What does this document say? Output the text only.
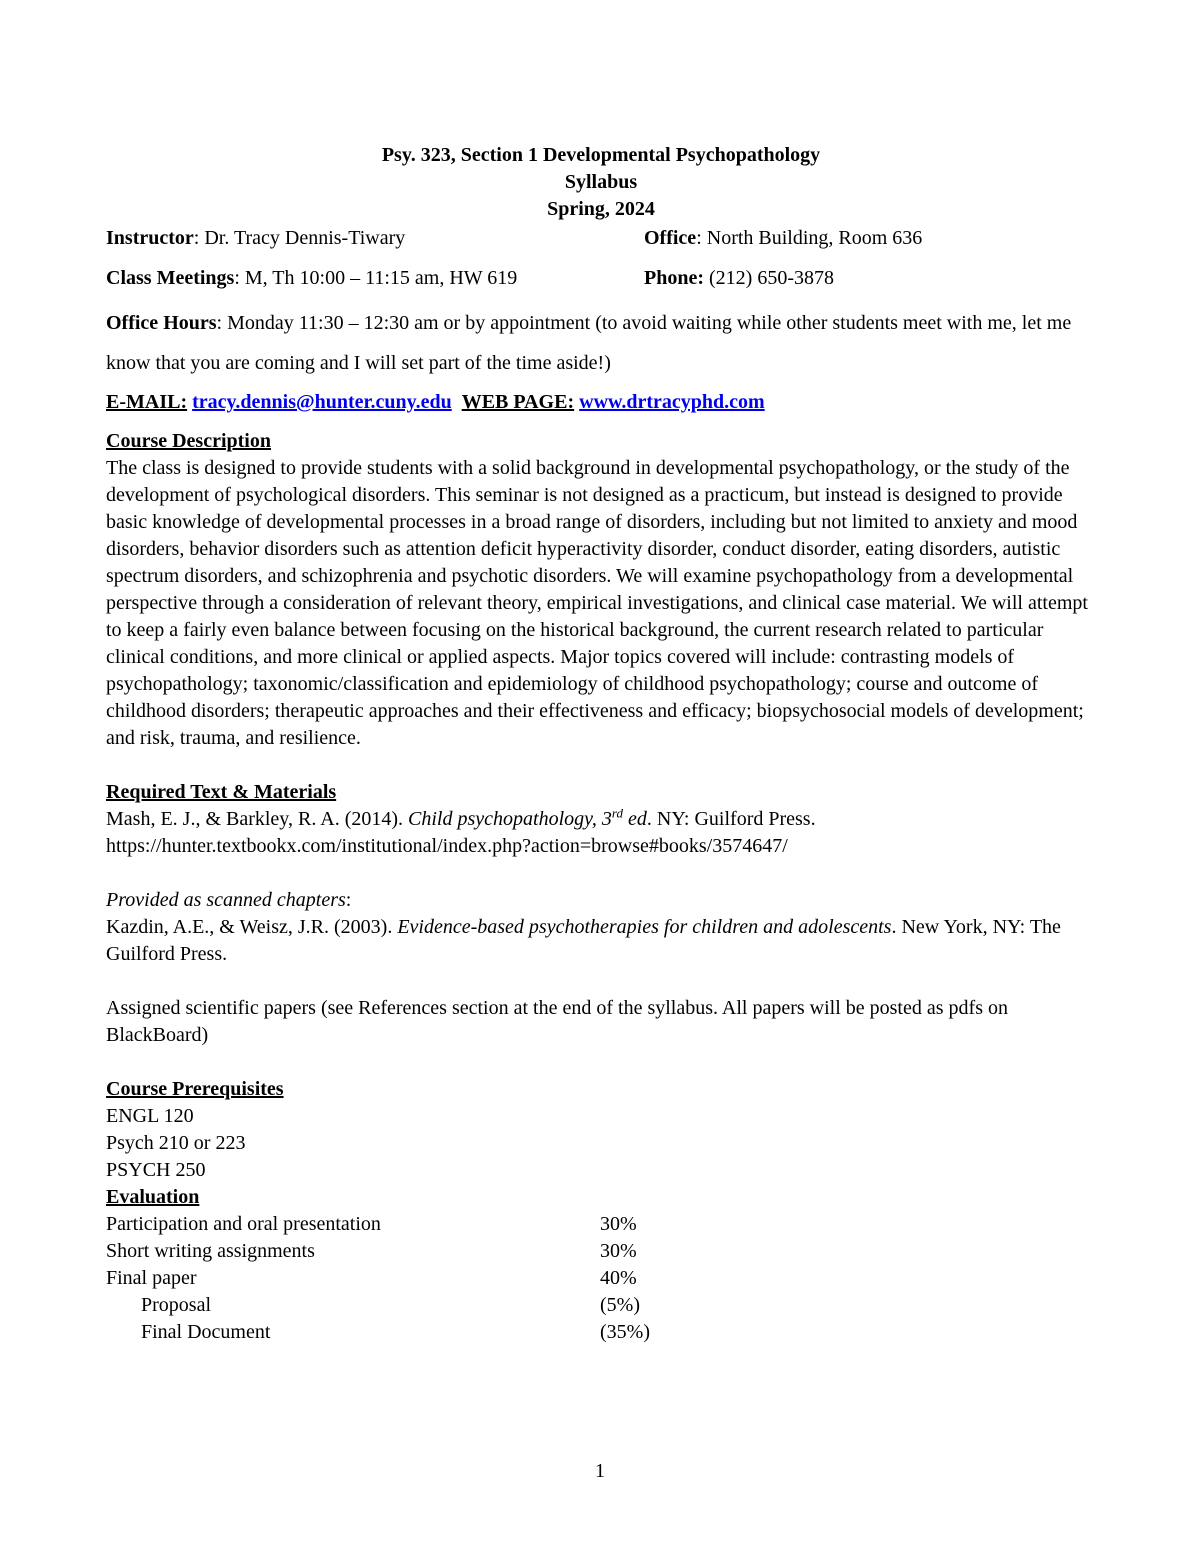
Psy. 323, Section 1 Developmental Psychopathology
Syllabus
Spring, 2024
Instructor: Dr. Tracy Dennis-Tiwary	Office: North Building, Room 636
Class Meetings: M, Th 10:00 – 11:15 am, HW 619	Phone: (212) 650-3878
Office Hours: Monday 11:30 – 12:30 am or by appointment (to avoid waiting while other students meet with me, let me know that you are coming and I will set part of the time aside!)
E-MAIL: tracy.dennis@hunter.cuny.edu WEB PAGE: www.drtracyphd.com
Course Description

The class is designed to provide students with a solid background in developmental psychopathology, or the study of the development of psychological disorders. This seminar is not designed as a practicum, but instead is designed to provide basic knowledge of developmental processes in a broad range of disorders, including but not limited to anxiety and mood disorders, behavior disorders such as attention deficit hyperactivity disorder, conduct disorder, eating disorders, autistic spectrum disorders, and schizophrenia and psychotic disorders. We will examine psychopathology from a developmental perspective through a consideration of relevant theory, empirical investigations, and clinical case material. We will attempt to keep a fairly even balance between focusing on the historical background, the current research related to particular clinical conditions, and more clinical or applied aspects. Major topics covered will include: contrasting models of psychopathology; taxonomic/classification and epidemiology of childhood psychopathology; course and outcome of childhood disorders; therapeutic approaches and their effectiveness and efficacy; biopsychosocial models of development; and risk, trauma, and resilience.

Required Text & Materials

Mash, E. J., & Barkley, R. A. (2014). Child psychopathology, 3rd ed. NY: Guilford Press.

https://hunter.textbookx.com/institutional/index.php?action=browse#books/3574647/

Provided as scanned chapters:

Kazdin, A.E., & Weisz, J.R. (2003). Evidence-based psychotherapies for children and adolescents. New York, NY: The Guilford Press.

Assigned scientific papers (see References section at the end of the syllabus. All papers will be posted as pdfs on BlackBoard)

Course Prerequisites
ENGL 120
Psych 210 or 223
PSYCH 250
Evaluation
Participation and oral presentation	30%
Short writing assignments	30%
Final paper	40%
Proposal	(5%)
Final Document	(35%)
1
